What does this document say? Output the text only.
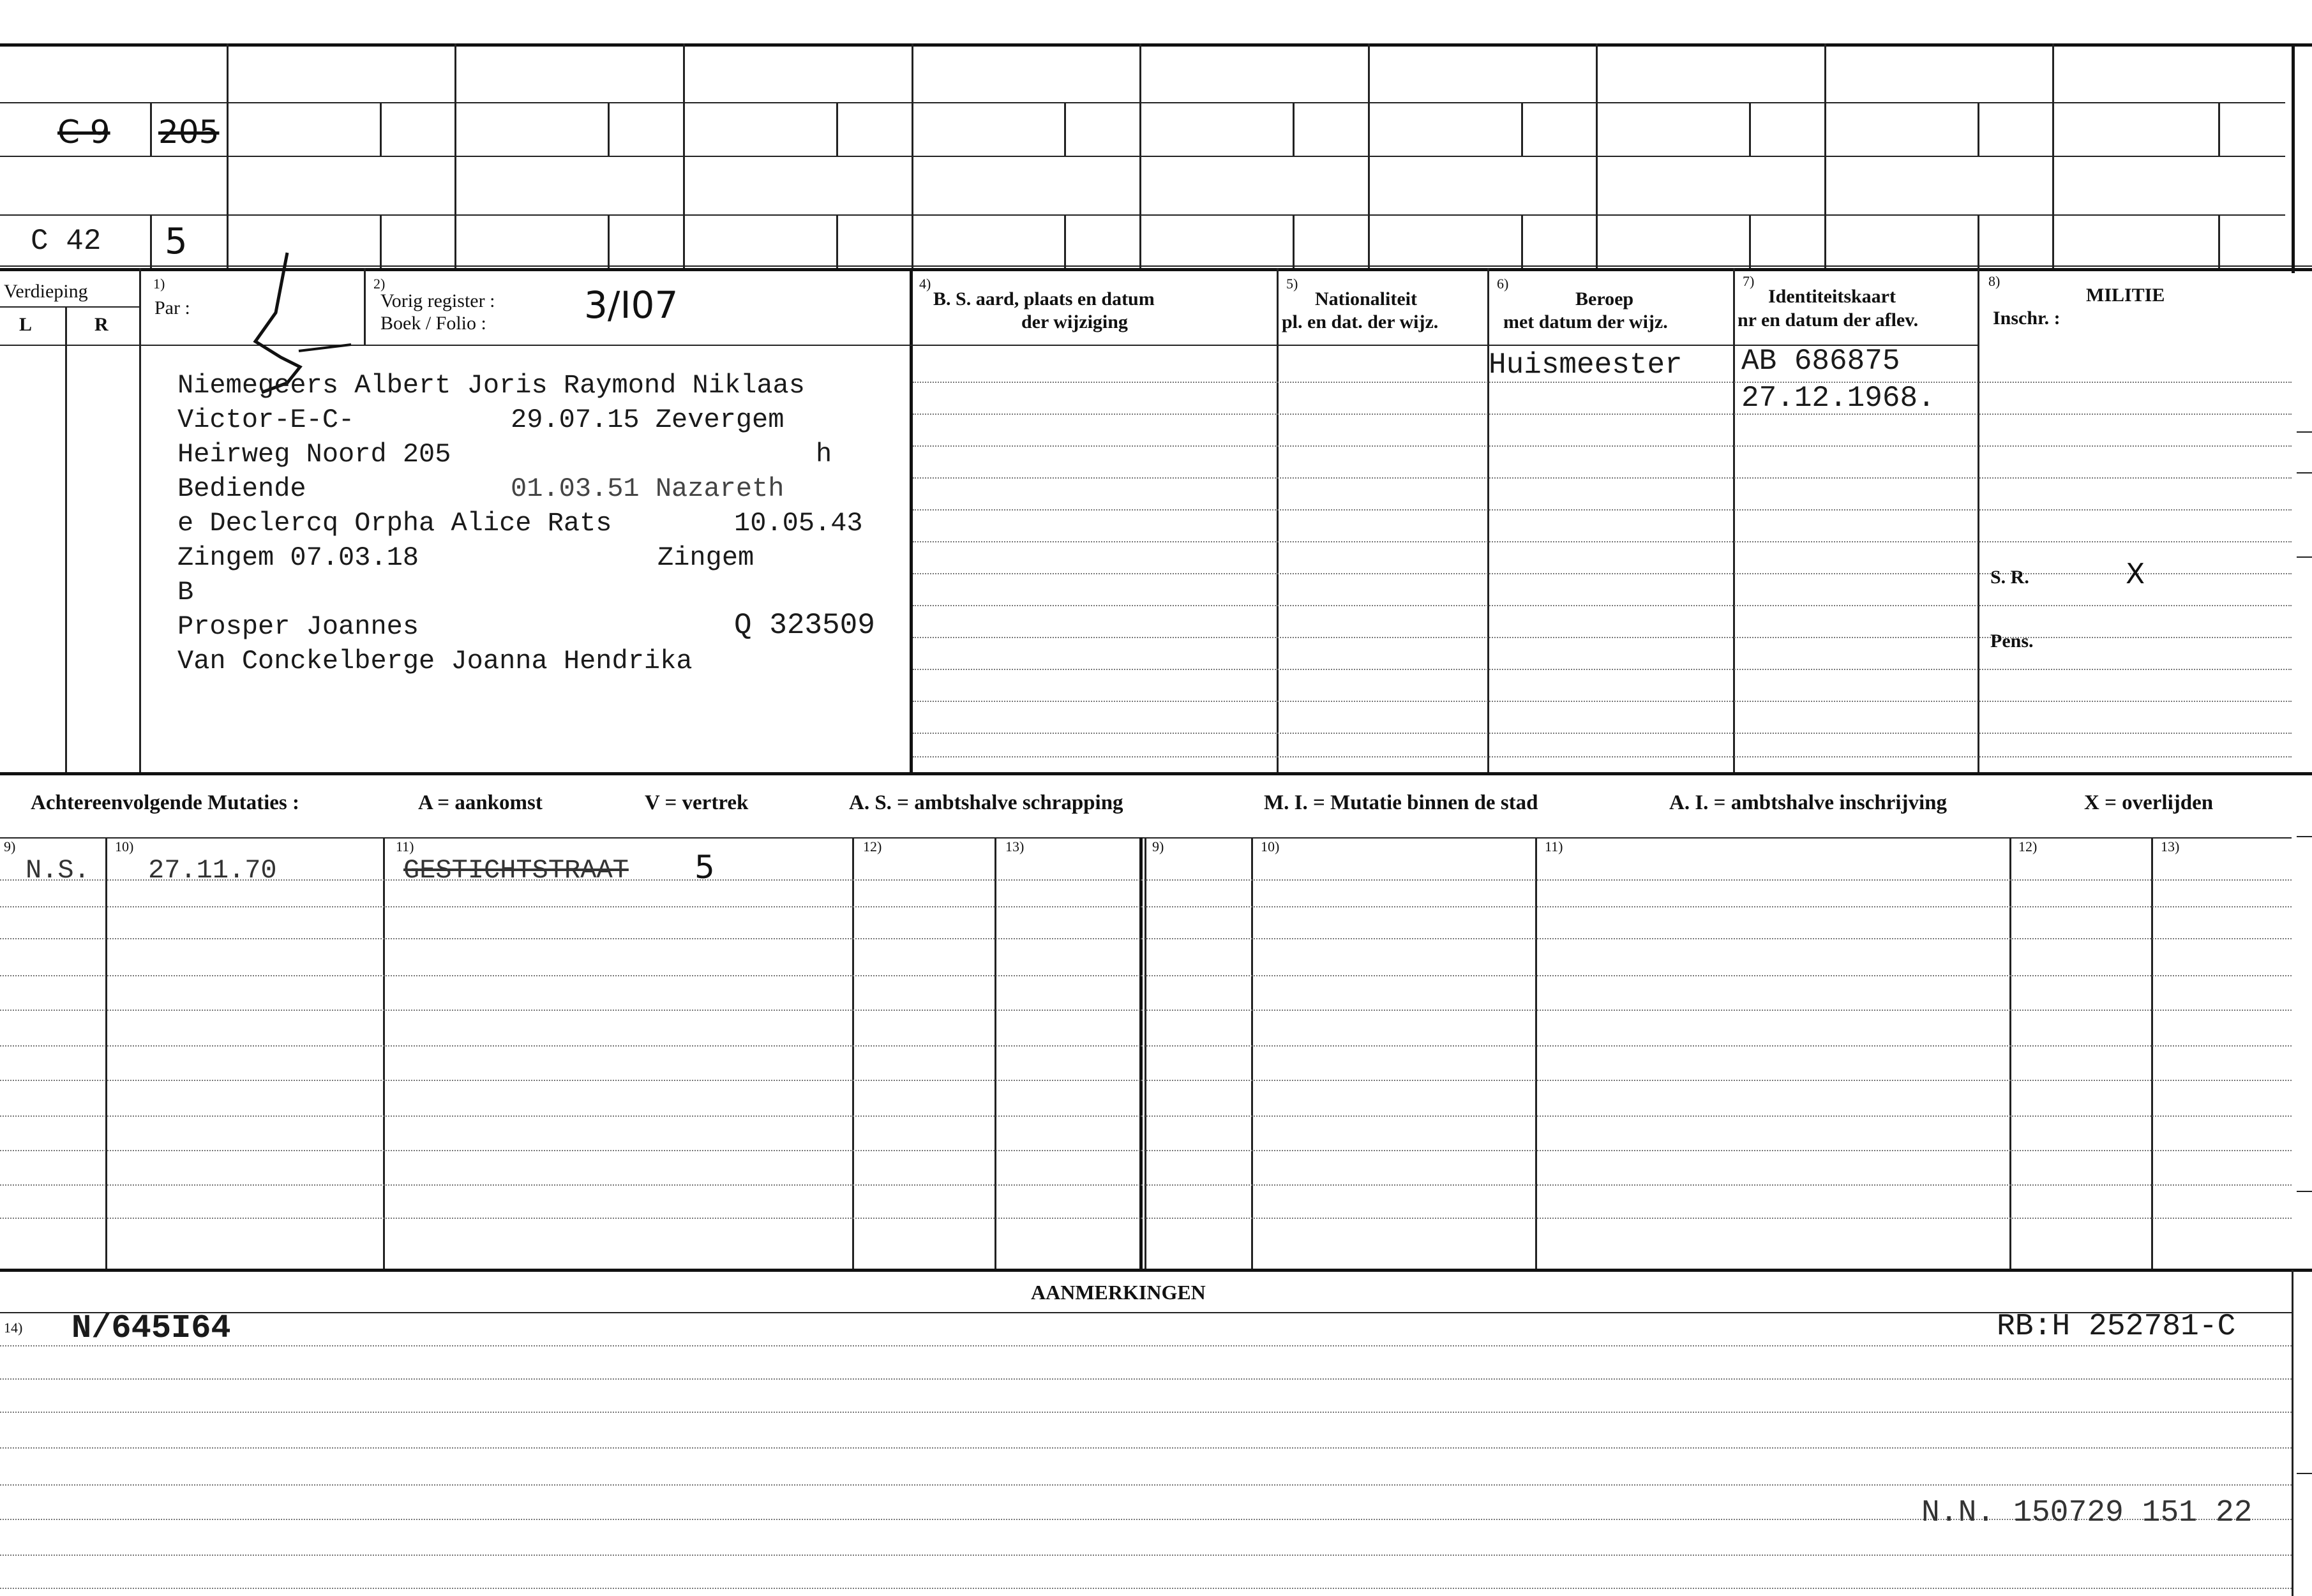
C 9 205
C 42 5
Verdieping
L	R
1)
Par :
2)
Vorig register :
Boek / Folio :	3/I07	4)
B. S. aard, plaats en datum
der wijziging
5)
Nationaliteit
pl. en dat. der wijz.
6)
Beroep
met datum der wijz.
7)
Identiteitskaart
nr en datum der aflev.
8)
MILITIE
Inschr. :
Niemegeers Albert Joris Raymond Niklaas
Victor-E-C-	29.07.15 Zevergem
Heirweg Noord 205	h
Bediende	01.03.51 Nazareth
e Declercq Orpha Alice Rats	10.05.43
Zingem 07.03.18	Zingem
B
Prosper Joannes	Q 323509
Van Conckelberge Joanna Hendrika
Huismeester AB 686875
27.12.1968.
S. R.	X
Pens.
Achtereenvolgende Mutaties :	A = aankomst	V = vertrek	A. S. = ambtshalve schrapping	M. I. = Mutatie binnen de stad	A. I. = ambtshalve inschrijving	X = overlijden
9)	10)	11)	12)	13)	9)	10)	11)	12)	13)
N.S. 27.11.70	GESTICHTSTRAAT 5
AANMERKINGEN
14) N/645I64	RB:H 252781-C
N.N. 150729 151 22
